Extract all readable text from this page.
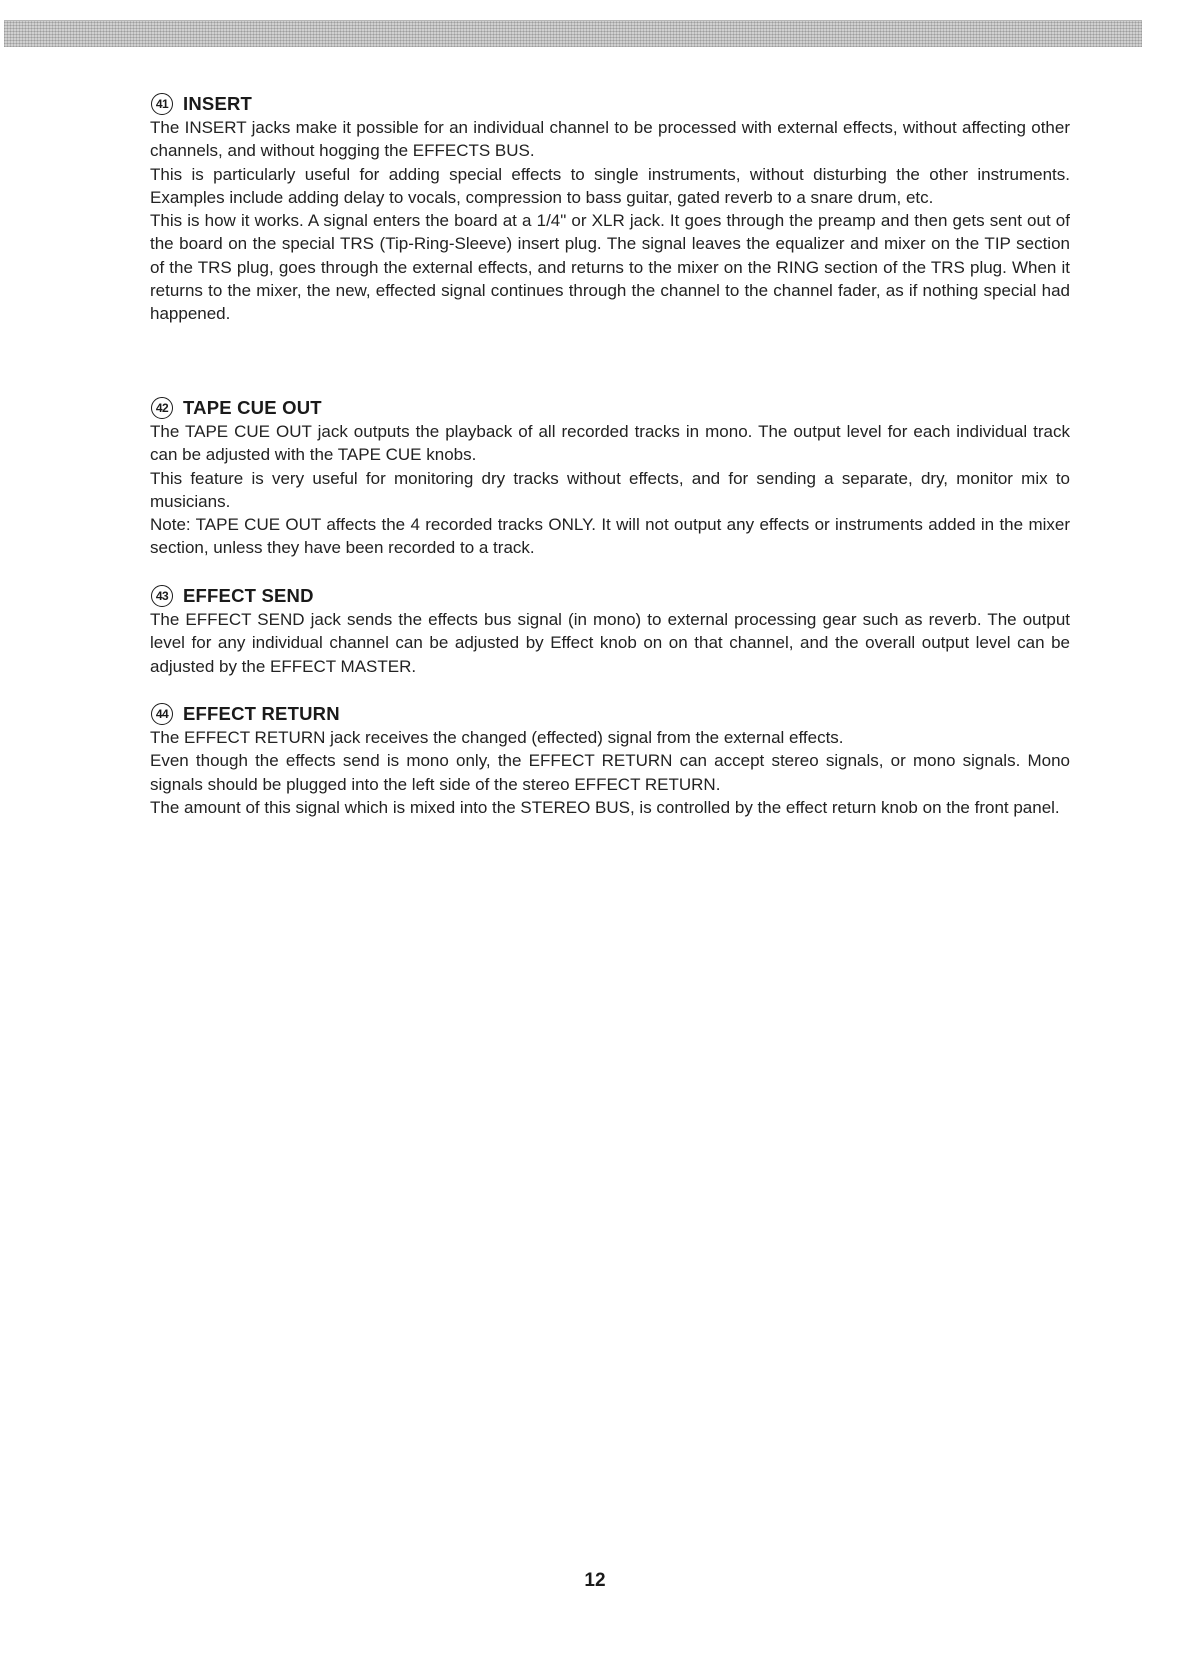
41 INSERT

The INSERT jacks make it possible for an individual channel to be processed with external effects, without affecting other channels, and without hogging the EFFECTS BUS.

This is particularly useful for adding special effects to single instruments, without disturbing the other instruments. Examples include adding delay to vocals, compression to bass guitar, gated reverb to a snare drum, etc.

This is how it works. A signal enters the board at a 1/4" or XLR jack. It goes through the preamp and then gets sent out of the board on the special TRS (Tip-Ring-Sleeve) insert plug. The signal leaves the equalizer and mixer on the TIP section of the TRS plug, goes through the external effects, and returns to the mixer on the RING section of the TRS plug. When it returns to the mixer, the new, effected signal continues through the channel to the channel fader, as if nothing special had happened.

42 TAPE CUE OUT

The TAPE CUE OUT jack outputs the playback of all recorded tracks in mono. The output level for each individual track can be adjusted with the TAPE CUE knobs.

This feature is very useful for monitoring dry tracks without effects, and for sending a separate, dry, monitor mix to musicians.

Note: TAPE CUE OUT affects the 4 recorded tracks ONLY. It will not output any effects or instruments added in the mixer section, unless they have been recorded to a track.

43 EFFECT SEND

The EFFECT SEND jack sends the effects bus signal (in mono) to external processing gear such as reverb. The output level for any individual channel can be adjusted by Effect knob on on that channel, and the overall output level can be adjusted by the EFFECT MASTER.

44 EFFECT RETURN

The EFFECT RETURN jack receives the changed (effected) signal from the external effects.

Even though the effects send is mono only, the EFFECT RETURN can accept stereo signals, or mono signals. Mono signals should be plugged into the left side of the stereo EFFECT RETURN.

The amount of this signal which is mixed into the STEREO BUS, is controlled by the effect return knob on the front panel.

12
